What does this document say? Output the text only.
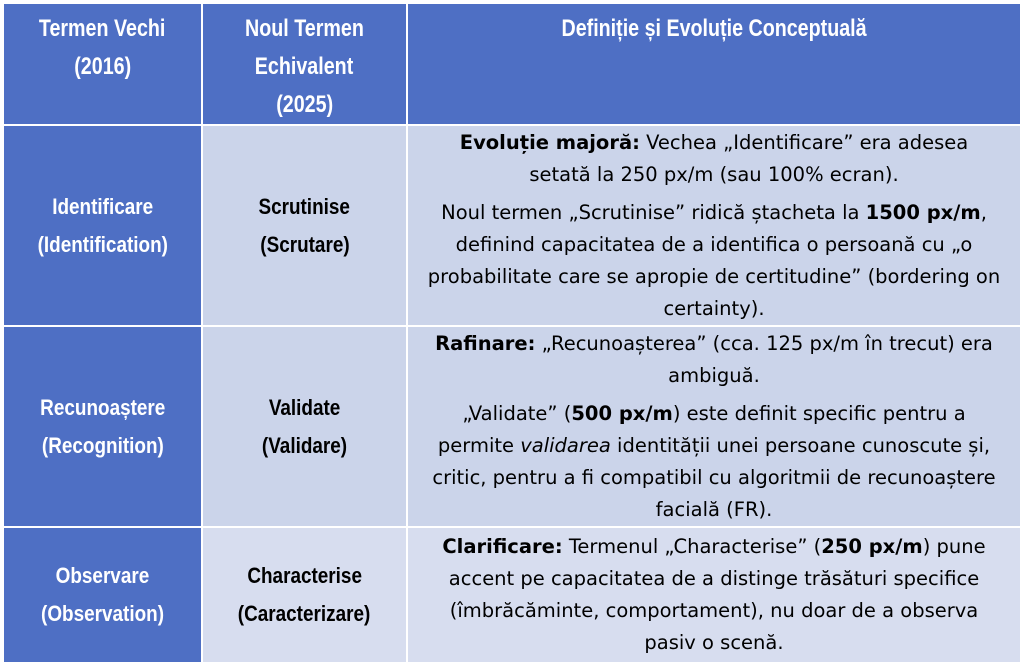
Termen Vechi
(2016)
Noul Termen
Echivalent
(2025)
Definiție și Evoluție Conceptuală
Identificare
(Identification)
Scrutinise
(Scrutare)

Evoluție majoră: Vechea „Identificare” era adesea setată la 250 px/m (sau 100% ecran).

Noul termen „Scrutinise” ridică ștacheta la 1500 px/m, definind capacitatea de a identifica o persoană cu „o probabilitate care se apropie de certitudine” (bordering on certainty).

Recunoaștere
(Recognition)
Validate
(Validare)

Rafinare: „Recunoașterea” (cca. 125 px/m în trecut) era ambiguă.

„Validate” (500 px/m) este definit specific pentru a permite validarea identității unei persoane cunoscute și, critic, pentru a fi compatibil cu algoritmii de recunoaștere facială (FR).

Observare
(Observation)
Characterise
(Caracterizare)

Clarificare: Termenul „Characterise” (250 px/m) pune accent pe capacitatea de a distinge trăsături specifice (îmbrăcăminte, comportament), nu doar de a observa pasiv o scenă.
